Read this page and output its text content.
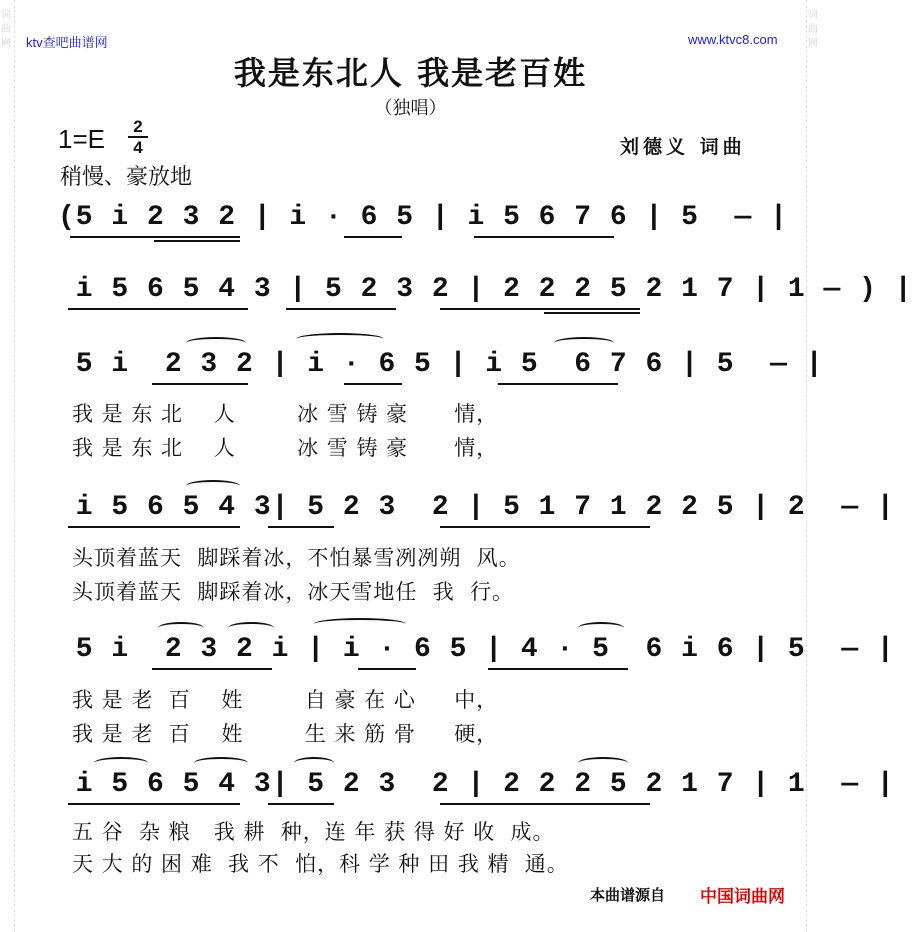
词
曲
网
词
曲
网
ktv查吧曲谱网	www.ktvc8.com
我是东北人 我是老百姓
（独唱）
1=E	2
4	刘德义 词曲
稍慢、豪放地
(5 i 2 3 2 | i · 6 5 | i 5 6 7 6 | 5  — |
i 5 6 5 4 3 | 5 2 3 2 | 2 2 2 5 2 1 7 | 1 — ) |
5 i  2 3 2 | i · 6 5 | i 5  6 7 6 | 5  — |
我 是 东 北    人        冰 雪 铸 豪      情，
我 是 东 北    人        冰 雪 铸 豪      情，
i 5 6 5 4 3| 5 2 3  2 | 5 1 7 1 2 2 5 | 2  — |
头顶着蓝天  脚踩着冰，不怕暴雪冽冽朔  风。
头顶着蓝天  脚踩着冰，冰天雪地任  我  行。
5 i  2 3 2 i | i · 6 5 | 4 · 5  6 i 6 | 5  — |
我 是 老  百    姓        自 豪 在 心     中，
我 是 老  百    姓        生 来 筋 骨     硬，
i 5 6 5 4 3| 5 2 3  2 | 2 2 2 5 2 1 7 | 1  — |
五 谷  杂 粮   我 耕  种，连 年 获 得 好 收  成。
天 大 的 困 难  我 不  怕，科 学 种 田 我 精  通。
本曲谱源自 中国词曲网
